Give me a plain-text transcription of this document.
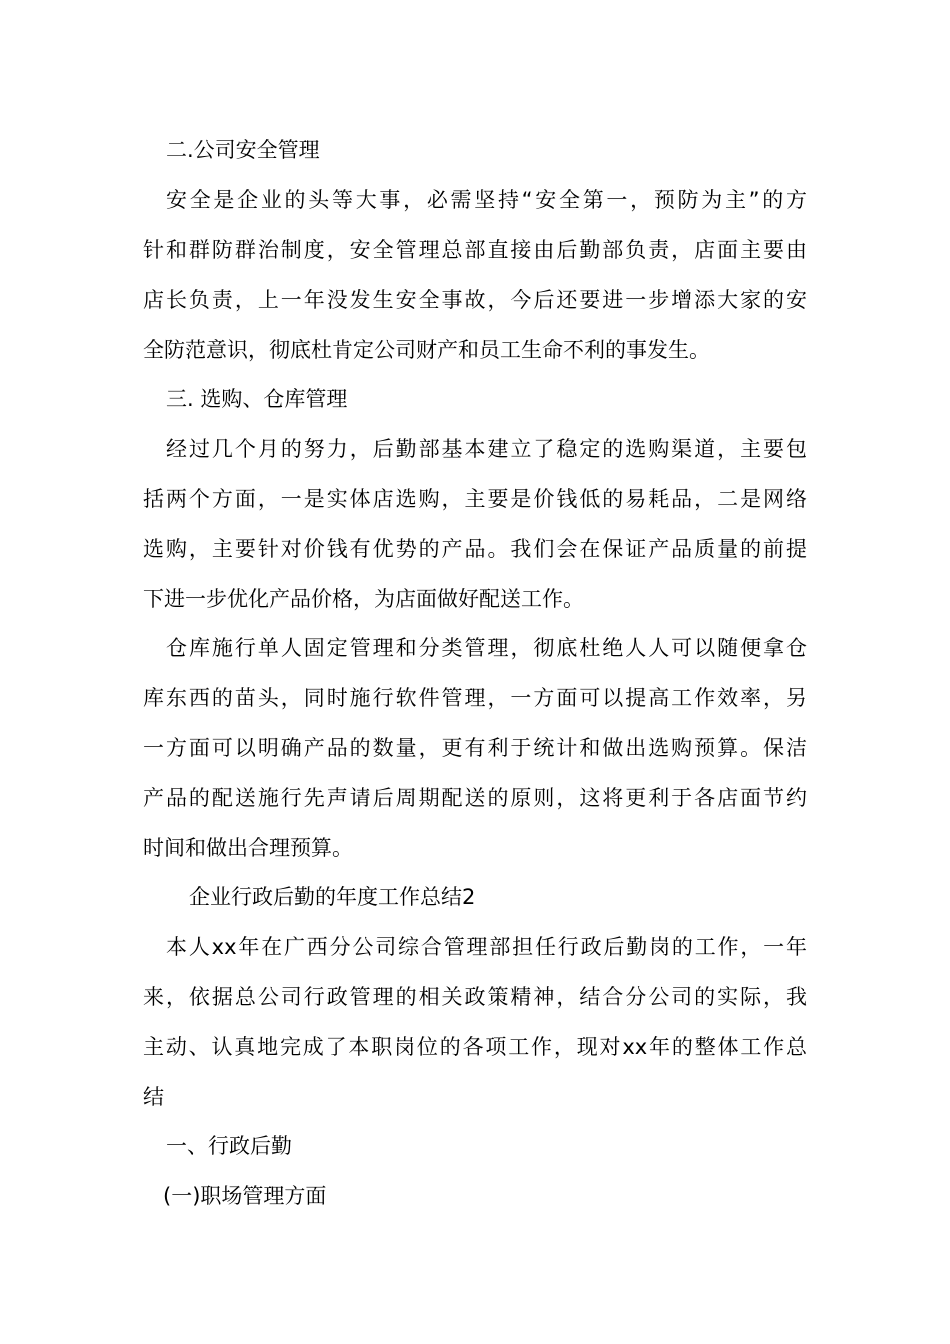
二.公司安全管理
安全是企业的头等大事，必需坚持“安全第一，预防为主”的方
针和群防群治制度，安全管理总部直接由后勤部负责，店面主要由
店长负责，上一年没发生安全事故，今后还要进一步增添大家的安
全防范意识，彻底杜肯定公司财产和员工生命不利的事发生。
三. 选购、仓库管理
经过几个月的努力，后勤部基本建立了稳定的选购渠道，主要包
括两个方面，一是实体店选购，主要是价钱低的易耗品，二是网络
选购，主要针对价钱有优势的产品。我们会在保证产品质量的前提
下进一步优化产品价格，为店面做好配送工作。
仓库施行单人固定管理和分类管理，彻底杜绝人人可以随便拿仓
库东西的苗头，同时施行软件管理，一方面可以提高工作效率，另
一方面可以明确产品的数量，更有利于统计和做出选购预算。保洁
产品的配送施行先声请后周期配送的原则，这将更利于各店面节约
时间和做出合理预算。
企业行政后勤的年度工作总结2
本人xx年在广西分公司综合管理部担任行政后勤岗的工作，一年
来，依据总公司行政管理的相关政策精神，结合分公司的实际，我
主动、认真地完成了本职岗位的各项工作，现对xx年的整体工作总
结
一、行政后勤
(一)职场管理方面
